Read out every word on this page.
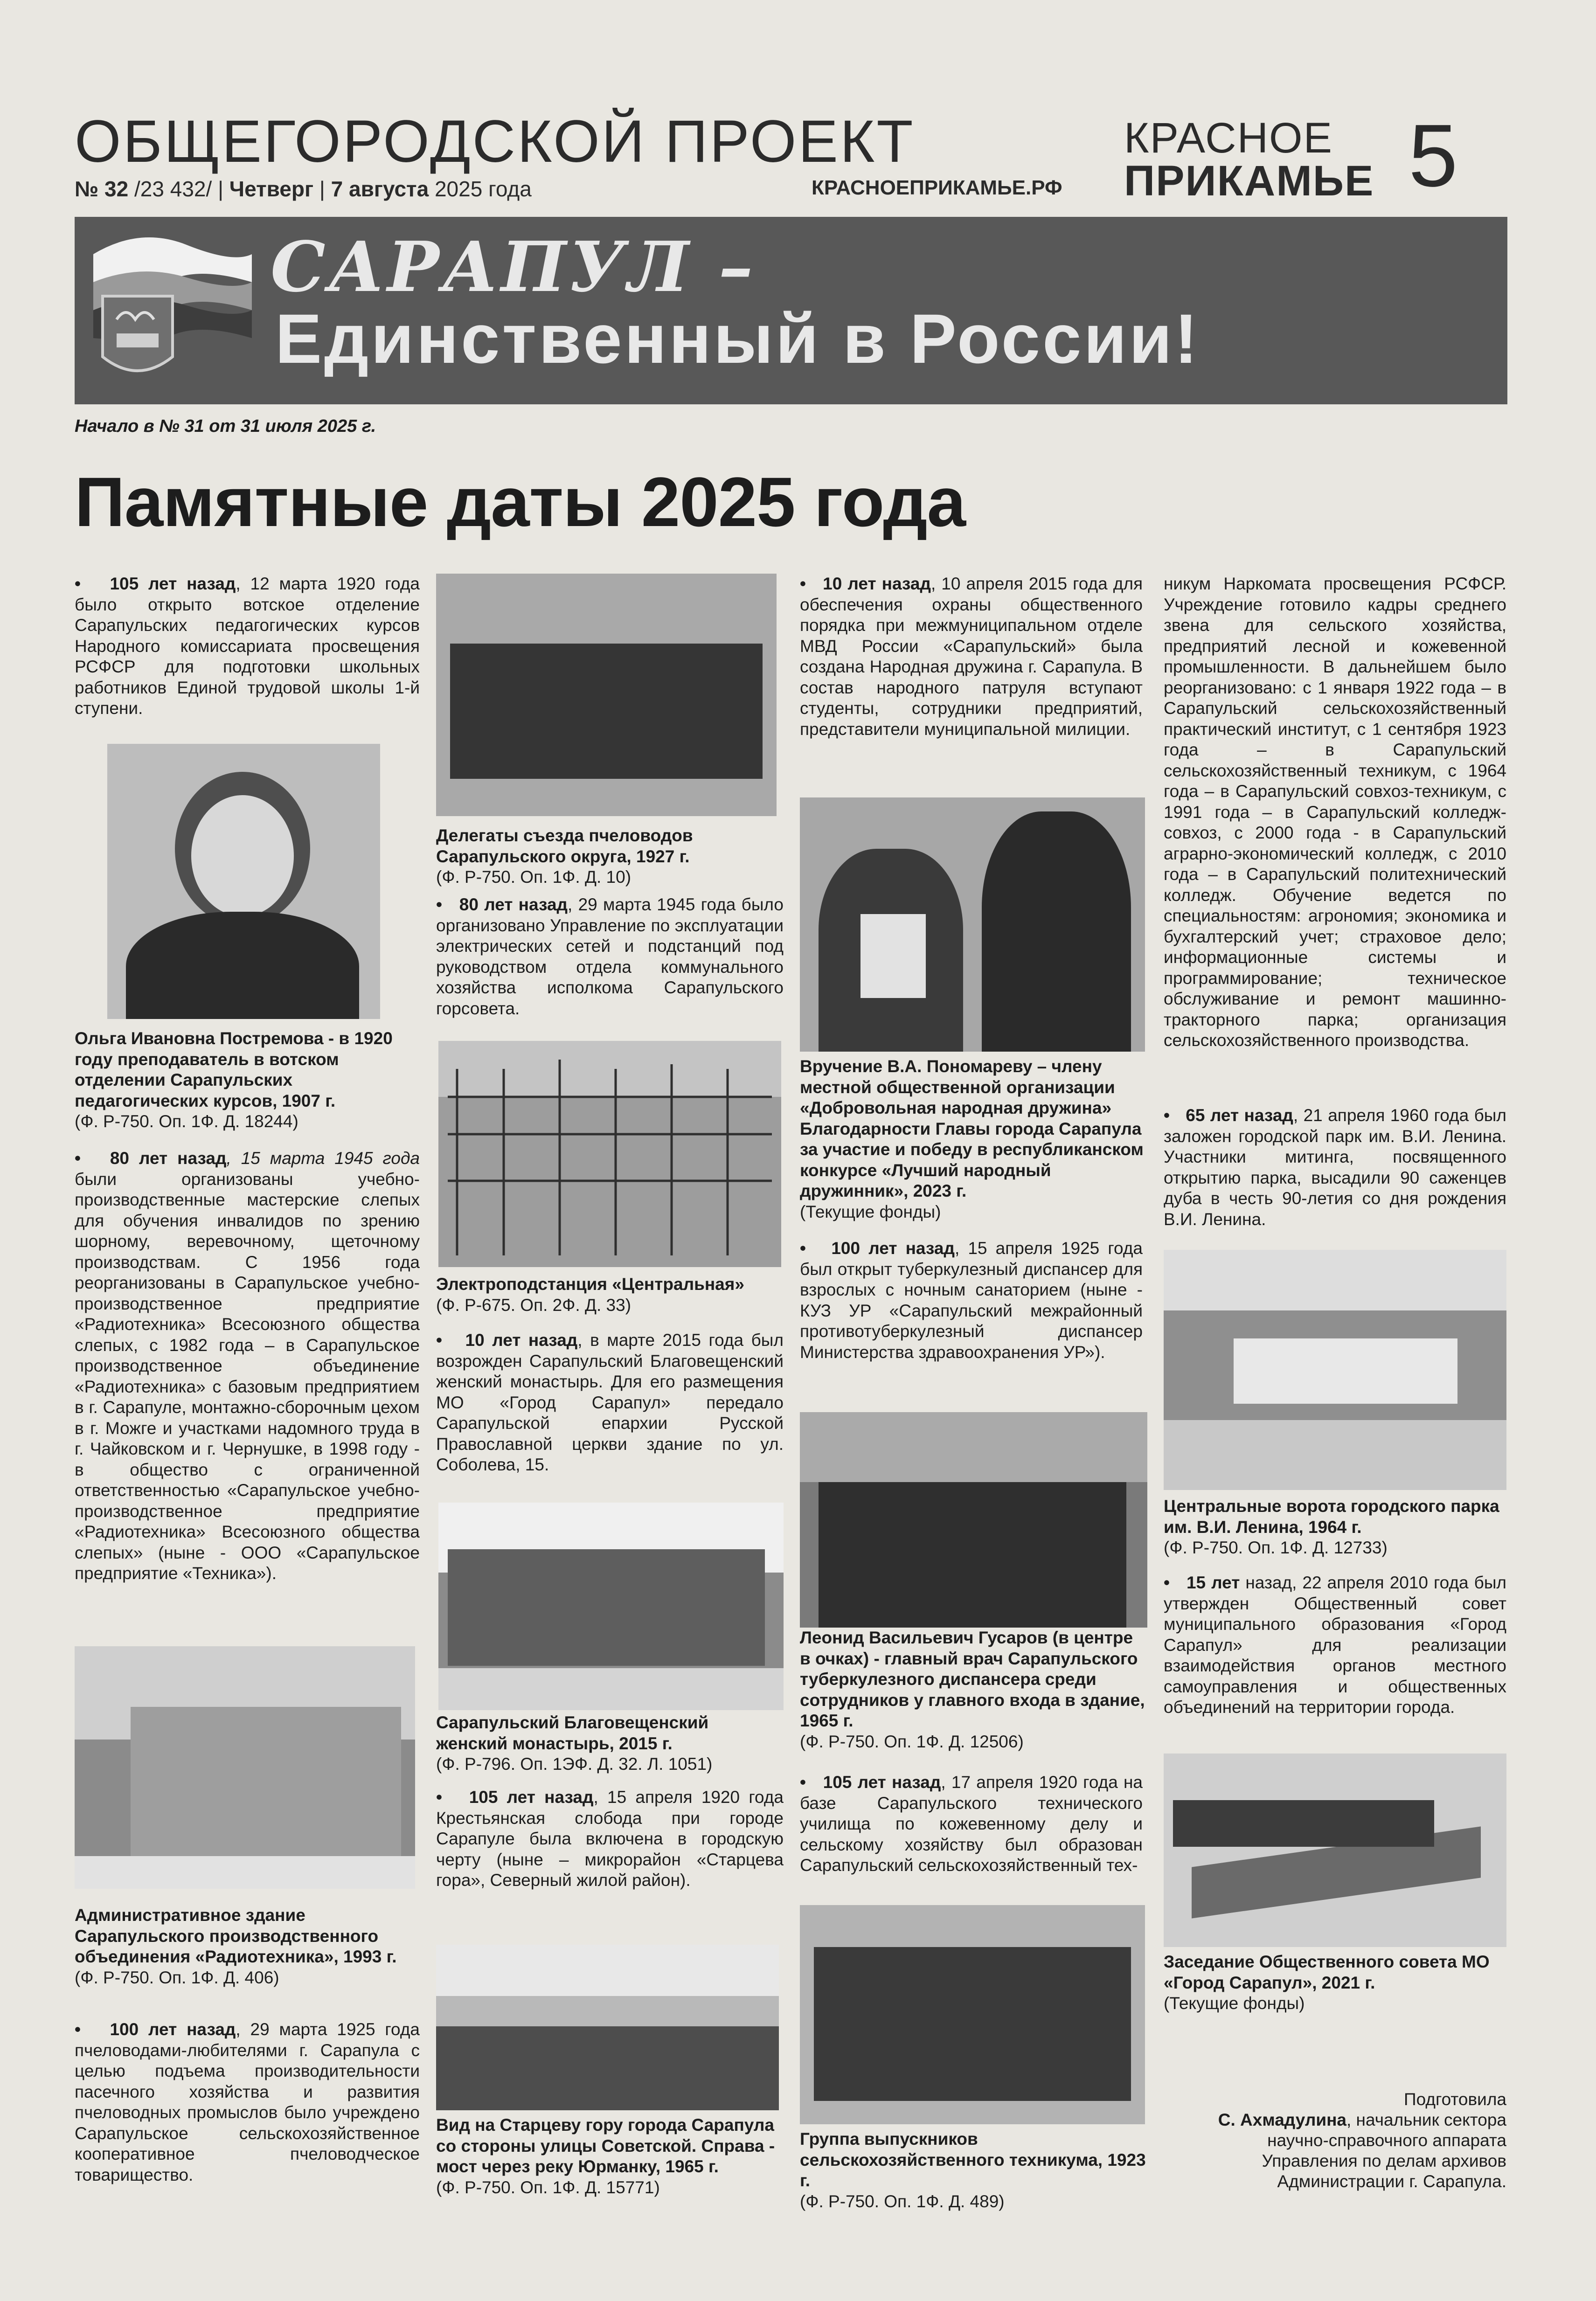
ОБЩЕГОРОДСКОЙ ПРОЕКТ
№ 32 /23 432/ | Четверг | 7 августа 2025 года	КРАСНОЕПРИКАМЬЕ.РФ
КРАСНОЕ
ПРИКАМЬЕ 5
САРАПУЛ –
Единственный в России!
Начало в № 31 от 31 июля 2025 г.
Памятные даты 2025 года
•   105 лет назад, 12 марта 1920 года было открыто вотское отделение Сарапульских педагогических курсов Народного комиссариата просвещения РСФСР для подготовки школьных работников Единой трудовой школы 1-й ступени.
Ольга Ивановна Постремова - в 1920 году преподаватель в вотском отделении Сарапульских педагогических курсов, 1907 г.
(Ф. Р-750. Оп. 1Ф. Д. 18244)
•   80 лет назад, 15 марта 1945 года были организованы учебно-производственные мастерские слепых для обучения инвалидов по зрению шорному, веревочному, щеточному производствам. С 1956 года реорганизованы в Сарапульское учебно-производственное предприятие «Радиотехника» Всесоюзного общества слепых, с 1982 года – в Сарапульское производственное объединение «Радиотехника» с базовым предприятием в г. Сарапуле, монтажно-сборочным цехом в г. Можге и участками надомного труда в г. Чайковском и г. Чернушке, в 1998 году - в общество с ограниченной ответственностью «Сарапульское учебно-производственное предприятие «Радиотехника» Всесоюзного общества слепых» (ныне - ООО «Сарапульское предприятие «Техника»).
Административное здание Сарапульского производственного объединения «Радиотехника», 1993 г.
(Ф. Р-750. Оп. 1Ф. Д. 406)
•   100 лет назад, 29 марта 1925 года пчеловодами-любителями г. Сарапула с целью подъема производительности пасечного хозяйства и развития пчеловодных промыслов было учреждено Сарапульское сельскохозяйственное кооперативное пчеловодческое товарищество.
Делегаты съезда пчеловодов Сарапульского округа, 1927 г.
(Ф. Р-750. Оп. 1Ф. Д. 10)
•   80 лет назад, 29 марта 1945 года было организовано Управление по эксплуатации электрических сетей и подстанций под руководством отдела коммунального хозяйства исполкома Сарапульского горсовета.
Электроподстанция «Центральная»
(Ф. Р-675. Оп. 2Ф. Д. 33)
•   10 лет назад, в марте 2015 года был возрожден Сарапульский Благовещенский женский монастырь. Для его размещения МО «Город Сарапул» передало Сарапульской епархии Русской Православной церкви здание по ул. Соболева, 15.
Сарапульский Благовещенский женский монастырь, 2015 г.
(Ф. Р-796. Оп. 1ЭФ. Д. 32. Л. 1051)
•   105 лет назад, 15 апреля 1920 года Крестьянская слобода при городе Сарапуле была включена в городскую черту (ныне – микрорайон «Старцева гора», Северный жилой район).
Вид на Старцеву гору города Сарапула со стороны улицы Советской. Справа - мост через реку Юрманку, 1965 г.
(Ф. Р-750. Оп. 1Ф. Д. 15771)
•   10 лет назад, 10 апреля 2015 года для обеспечения охраны общественного порядка при межмуниципальном отделе МВД России «Сарапульский» была создана Народная дружина г. Сарапула. В состав народного патруля вступают студенты, сотрудники предприятий, представители муниципальной милиции.
Вручение В.А. Пономареву – члену местной общественной организации «Добровольная народная дружина» Благодарности Главы города Сарапула за участие и победу в республиканском конкурсе «Лучший народный дружинник», 2023 г.
(Текущие фонды)
•   100 лет назад, 15 апреля 1925 года был открыт туберкулезный диспансер для взрослых с ночным санаторием (ныне - КУЗ УР «Сарапульский межрайонный противотуберкулезный диспансер Министерства здравоохранения УР»).
Леонид Васильевич Гусаров (в центре в очках) - главный врач Сарапульского туберкулезного диспансера среди сотрудников у главного входа в здание, 1965 г.
(Ф. Р-750. Оп. 1Ф. Д. 12506)
•   105 лет назад, 17 апреля 1920 года на базе Сарапульского технического училища по кожевенному делу и сельскому хозяйству был образован Сарапульский сельскохозяйственный тех-
Группа выпускников сельскохозяйственного техникума, 1923 г.
(Ф. Р-750. Оп. 1Ф. Д. 489)
никум Наркомата просвещения РСФСР. Учреждение готовило кадры среднего звена для сельского хозяйства, предприятий лесной и кожевенной промышленности. В дальнейшем было реорганизовано: с 1 января 1922 года – в Сарапульский сельскохозяйственный практический институт, с 1 сентября 1923 года – в Сарапульский сельскохозяйственный техникум, с 1964 года – в Сарапульский совхоз-техникум, с 1991 года – в Сарапульский колледж-совхоз, с 2000 года - в Сарапульский аграрно-экономический колледж, с 2010 года – в Сарапульский политехнический колледж. Обучение ведется по специальностям: агрономия; экономика и бухгалтерский учет; страховое дело; информационные системы и программирование; техническое обслуживание и ремонт машинно-тракторного парка; организация сельскохозяйственного производства.
•   65 лет назад, 21 апреля 1960 года был заложен городской парк им. В.И. Ленина. Участники митинга, посвященного открытию парка, высадили 90 саженцев дуба в честь 90-летия со дня рождения В.И. Ленина.
Центральные ворота городского парка им. В.И. Ленина, 1964 г.
(Ф. Р-750. Оп. 1Ф. Д. 12733)
•   15 лет назад, 22 апреля 2010 года был утвержден Общественный совет муниципального образования «Город Сарапул» для реализации взаимодействия органов местного самоуправления и общественных объединений на территории города.
Заседание Общественного совета МО «Город Сарапул», 2021 г.
(Текущие фонды)
Подготовила
С. Ахмадулина, начальник сектора
научно-справочного аппарата
Управления по делам архивов
Администрации г. Сарапула.
